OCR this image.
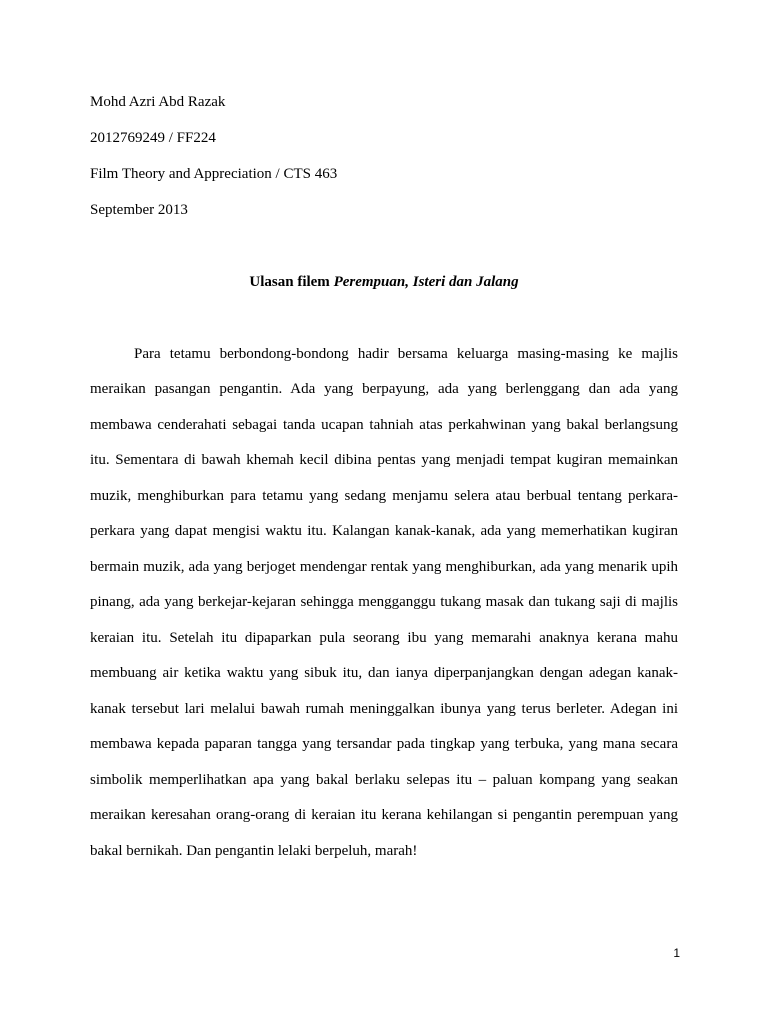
Mohd Azri Abd Razak
2012769249 / FF224
Film Theory and Appreciation / CTS 463
September 2013
Ulasan filem Perempuan, Isteri dan Jalang
Para tetamu berbondong-bondong hadir bersama keluarga masing-masing ke majlis
meraikan pasangan pengantin. Ada yang berpayung, ada yang berlenggang dan ada yang
membawa cenderahati sebagai tanda ucapan tahniah atas perkahwinan yang bakal berlangsung
itu. Sementara di bawah khemah kecil dibina pentas yang menjadi tempat kugiran memainkan
muzik, menghiburkan para tetamu yang sedang menjamu selera atau berbual tentang perkara-
perkara yang dapat mengisi waktu itu. Kalangan kanak-kanak, ada yang memerhatikan kugiran
bermain muzik, ada yang berjoget mendengar rentak yang menghiburkan, ada yang menarik upih
pinang, ada yang berkejar-kejaran sehingga mengganggu tukang masak dan tukang saji di majlis
keraian itu. Setelah itu dipaparkan pula seorang ibu yang memarahi anaknya kerana mahu
membuang air ketika waktu yang sibuk itu, dan ianya diperpanjangkan dengan adegan kanak-
kanak tersebut lari melalui bawah rumah meninggalkan ibunya yang terus berleter. Adegan ini
membawa kepada paparan tangga yang tersandar pada tingkap yang terbuka, yang mana secara
simbolik memperlihatkan apa yang bakal berlaku selepas itu – paluan kompang yang seakan
meraikan keresahan orang-orang di keraian itu kerana kehilangan si pengantin perempuan yang
bakal bernikah. Dan pengantin lelaki berpeluh, marah!
1
